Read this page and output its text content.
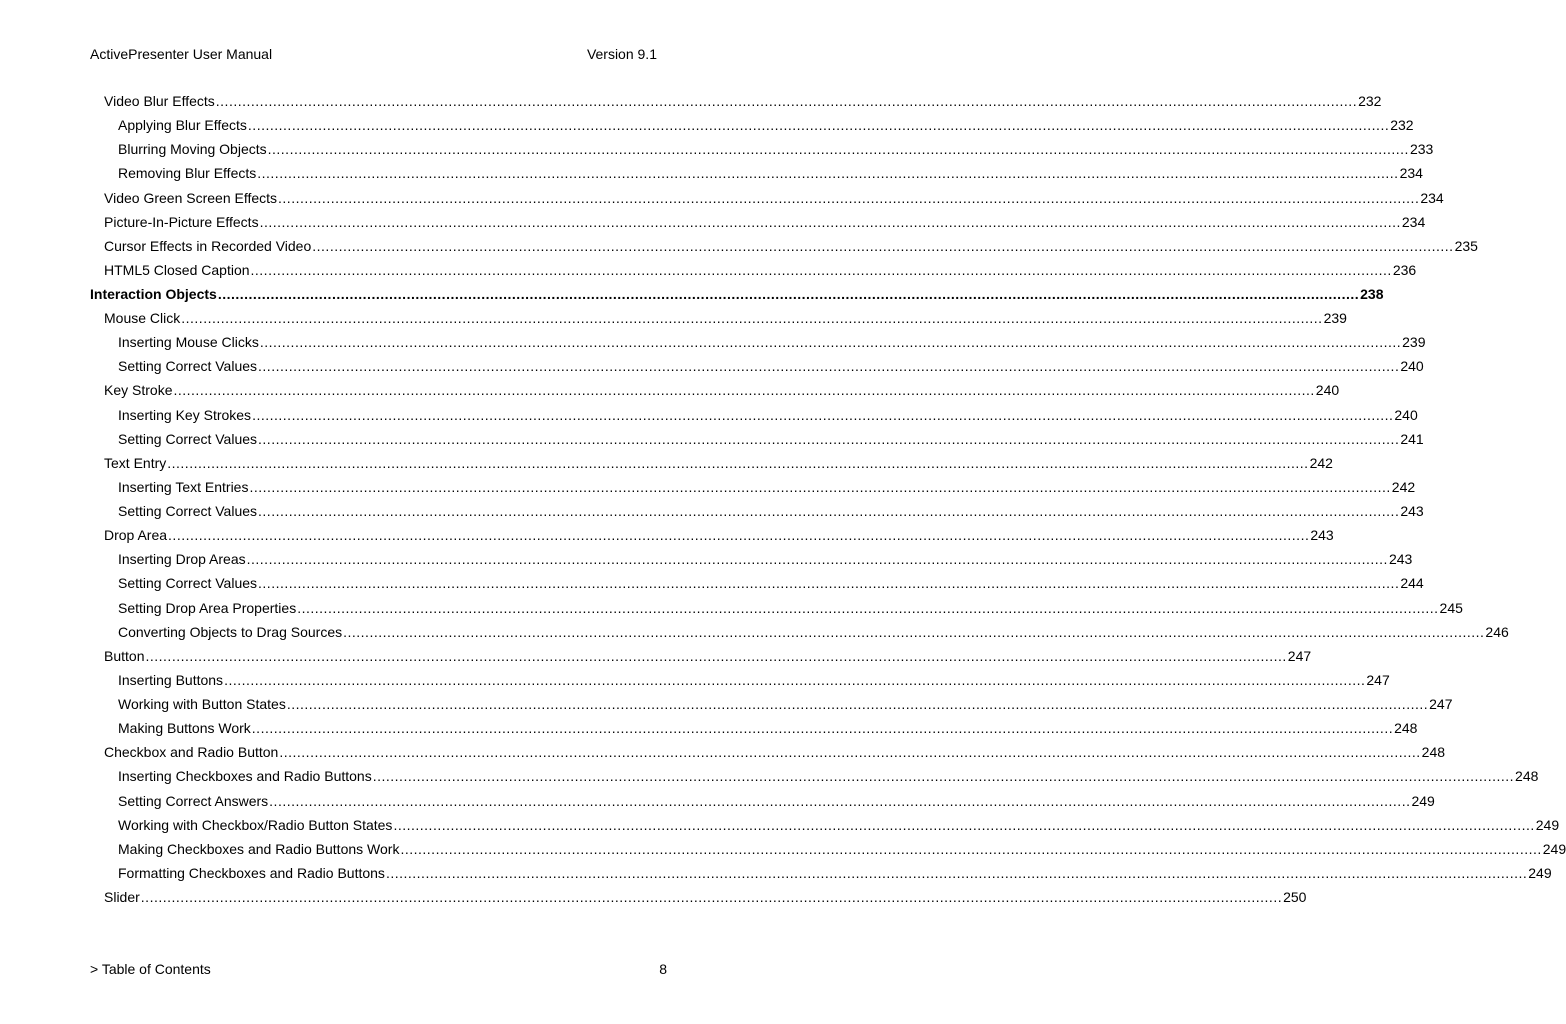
ActivePresenter User Manual	Version 9.1
Video Blur Effects .................................................................................................................................................................................................................................................................... 232
Applying Blur Effects .................................................................................................................................................................................................................................................................... 232
Blurring Moving Objects .................................................................................................................................................................................................................................................................... 233
Removing Blur Effects .................................................................................................................................................................................................................................................................... 234
Video Green Screen Effects .................................................................................................................................................................................................................................................................... 234
Picture-In-Picture Effects .................................................................................................................................................................................................................................................................... 234
Cursor Effects in Recorded Video .................................................................................................................................................................................................................................................................... 235
HTML5 Closed Caption .................................................................................................................................................................................................................................................................... 236
Interaction Objects .................................................................................................................................................................................................................................................................... 238
Mouse Click .................................................................................................................................................................................................................................................................... 239
Inserting Mouse Clicks .................................................................................................................................................................................................................................................................... 239
Setting Correct Values .................................................................................................................................................................................................................................................................... 240
Key Stroke .................................................................................................................................................................................................................................................................... 240
Inserting Key Strokes .................................................................................................................................................................................................................................................................... 240
Setting Correct Values .................................................................................................................................................................................................................................................................... 241
Text Entry .................................................................................................................................................................................................................................................................... 242
Inserting Text Entries .................................................................................................................................................................................................................................................................... 242
Setting Correct Values .................................................................................................................................................................................................................................................................... 243
Drop Area .................................................................................................................................................................................................................................................................... 243
Inserting Drop Areas .................................................................................................................................................................................................................................................................... 243
Setting Correct Values .................................................................................................................................................................................................................................................................... 244
Setting Drop Area Properties .................................................................................................................................................................................................................................................................... 245
Converting Objects to Drag Sources .................................................................................................................................................................................................................................................................... 246
Button .................................................................................................................................................................................................................................................................... 247
Inserting Buttons .................................................................................................................................................................................................................................................................... 247
Working with Button States .................................................................................................................................................................................................................................................................... 247
Making Buttons Work .................................................................................................................................................................................................................................................................... 248
Checkbox and Radio Button .................................................................................................................................................................................................................................................................... 248
Inserting Checkboxes and Radio Buttons .................................................................................................................................................................................................................................................................... 248
Setting Correct Answers .................................................................................................................................................................................................................................................................... 249
Working with Checkbox/Radio Button States .................................................................................................................................................................................................................................................................... 249
Making Checkboxes and Radio Buttons Work .................................................................................................................................................................................................................................................................... 249
Formatting Checkboxes and Radio Buttons .................................................................................................................................................................................................................................................................... 249
Slider .................................................................................................................................................................................................................................................................... 250
> Table of Contents	8
